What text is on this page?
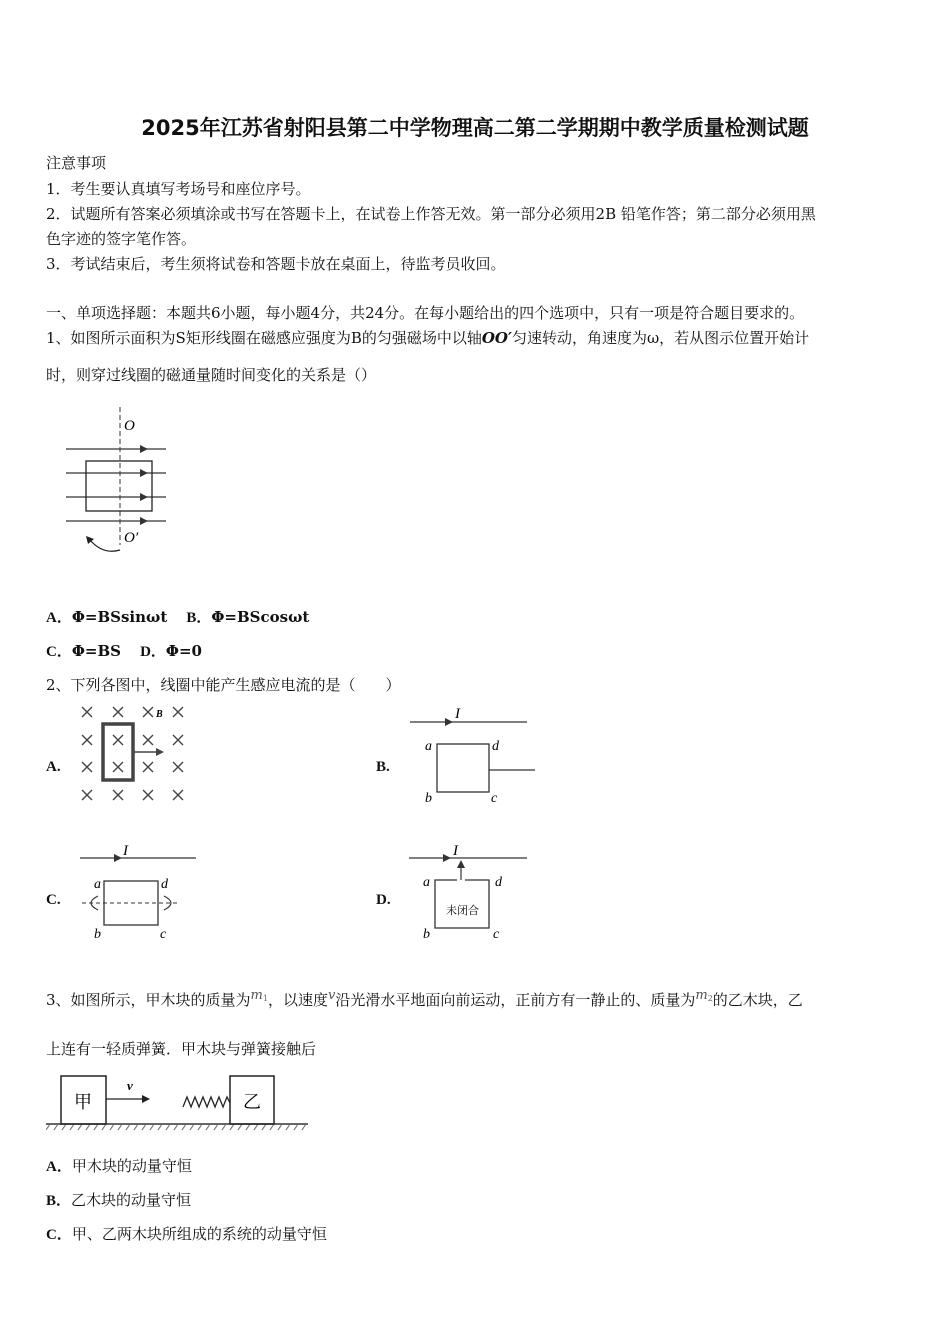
2025年江苏省射阳县第二中学物理高二第二学期期中教学质量检测试题
注意事项
1．考生要认真填写考场号和座位序号。
2．试题所有答案必须填涂或书写在答题卡上，在试卷上作答无效。第一部分必须用2B 铅笔作答；第二部分必须用黑
色字迹的签字笔作答。
3．考试结束后，考生须将试卷和答题卡放在桌面上，待监考员收回。
一、单项选择题：本题共6小题，每小题4分，共24分。在每小题给出的四个选项中，只有一项是符合题目要求的。
1、如图所示面积为S矩形线圈在磁感应强度为B的匀强磁场中以轴OO′匀速转动，角速度为ω，若从图示位置开始计
时，则穿过线圈的磁通量随时间变化的关系是（）
O
O′
A．Φ=BSsinωt B．Φ=BScosωt
C．Φ=BS D．Φ=0
2、下列各图中，线圈中能产生感应电流的是（　　）
A.
B
B.
I
a	d
b	c
C.
I
a	d
b	c
D.
I
未闭合
a	d
b	c
3、如图所示，甲木块的质量为$m^1$，以速度v沿光滑水平地面向前运动，正前方有一静止的、质量为$m^2$的乙木块，乙
上连有一轻质弹簧．甲木块与弹簧接触后
甲
v
乙
A．甲木块的动量守恒
B．乙木块的动量守恒
C．甲、乙两木块所组成的系统的动量守恒
